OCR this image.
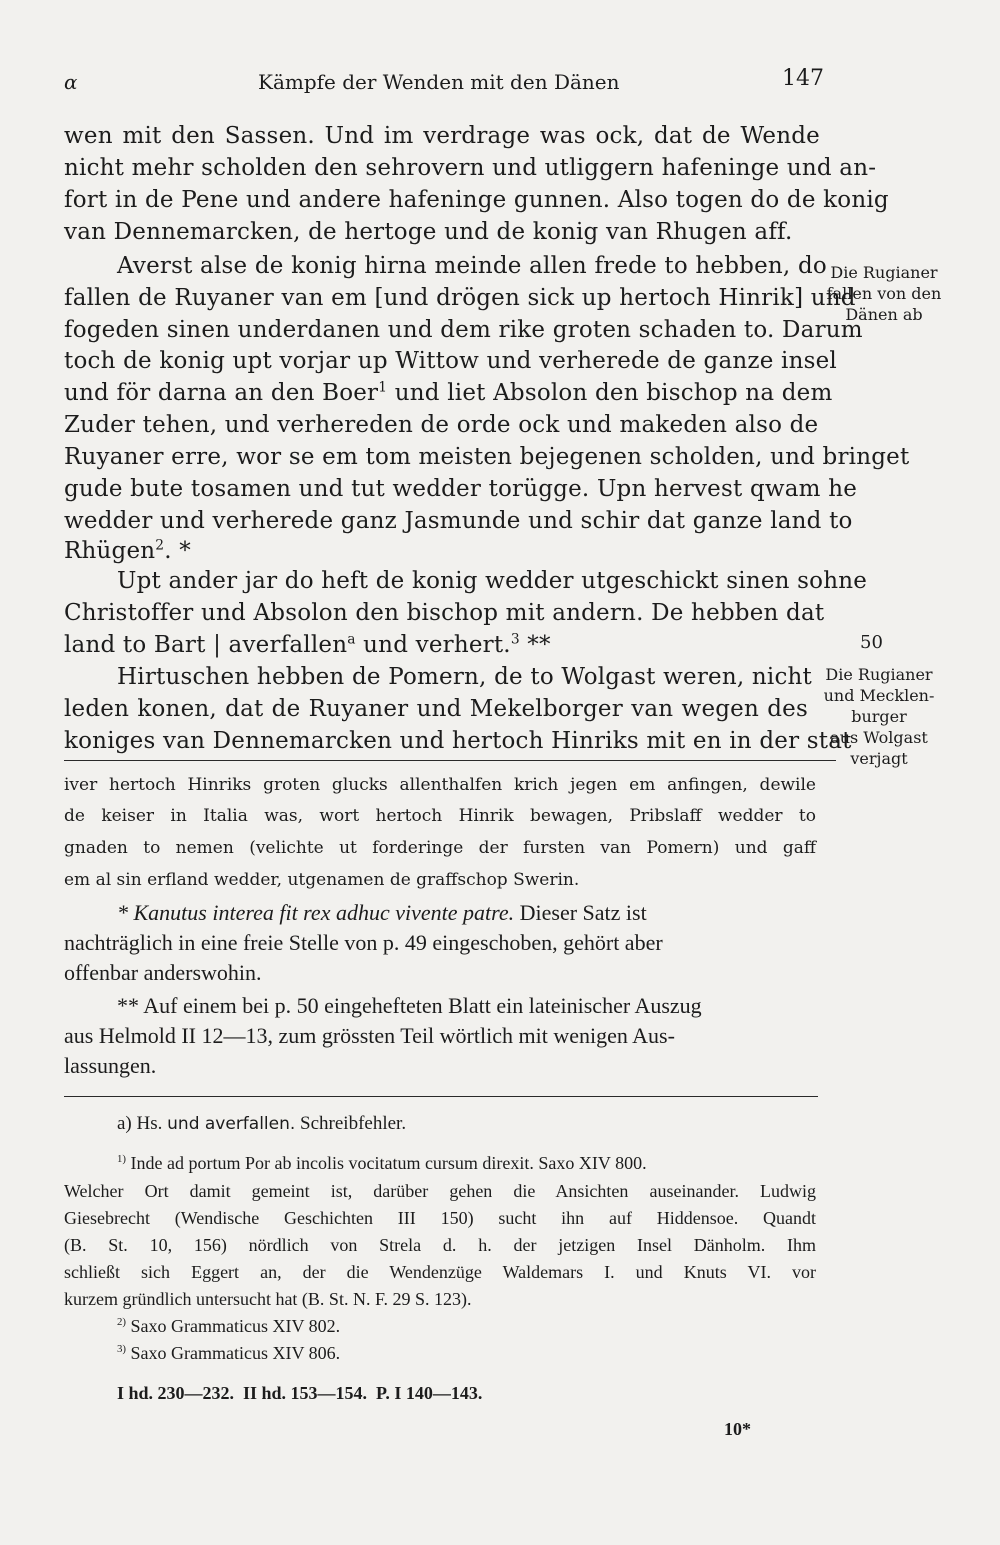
α	Kämpfe der Wenden mit den Dänen	147
wen mit den Sassen. Und im verdrage was ock, dat de Wende
nicht mehr scholden den sehrovern und utliggern hafeninge und an-
fort in de Pene und andere hafeninge gunnen. Also togen do de konig
van Dennemarcken, de hertoge und de konig van Rhugen aff.
Averst alse de konig hirna meinde allen frede to hebben, do
fallen de Ruyaner van em [und drögen sick up hertoch Hinrik] und
fogeden sinen underdanen und dem rike groten schaden to. Darum
toch de konig upt vorjar up Wittow und verherede de ganze insel
und för darna an den Boer$^1$ und liet Absolon den bischop na dem
Zuder tehen, und verhereden de orde ock und makeden also de
Ruyaner erre, wor se em tom meisten bejegenen scholden, und bringet
gude bute tosamen und tut wedder torügge. Upn hervest qwam he
wedder und verherede ganz Jasmunde und schir dat ganze land to
Rhügen$^2$. *
Upt ander jar do heft de konig wedder utgeschickt sinen sohne
Christoffer und Absolon den bischop mit andern. De hebben dat
land to Bart | averfallen$^a$ und verhert.$^3$ **
Hirtuschen hebben de Pomern, de to Wolgast weren, nicht
leden konen, dat de Ruyaner und Mekelborger van wegen des
koniges van Dennemarcken und hertoch Hinriks mit en in der stat
Die Rugianer
fallen von den
Dänen ab
50
Die Rugianer
und Mecklen-
burger
aus Wolgast
verjagt
iver hertoch Hinriks groten glucks allenthalfen krich jegen em anfingen, dewile
de keiser in Italia was, wort hertoch Hinrik bewagen, Pribslaff wedder to
gnaden to nemen (velichte ut forderinge der fursten van Pomern) und gaff
em al sin erfland wedder, utgenamen de graffschop Swerin.
* Kanutus interea fit rex adhuc vivente patre. Dieser Satz ist
nachträglich in eine freie Stelle von p. 49 eingeschoben, gehört aber
offenbar anderswohin.
** Auf einem bei p. 50 eingehefteten Blatt ein lateinischer Auszug
aus Helmold II 12—13, zum grössten Teil wörtlich mit wenigen Aus-
lassungen.
a) Hs. und averfallen. Schreibfehler.
$^{1)}$ Inde ad portum Por ab incolis vocitatum cursum direxit. Saxo XIV 800.
Welcher Ort damit gemeint ist, darüber gehen die Ansichten auseinander. Ludwig
Giesebrecht (Wendische Geschichten III 150) sucht ihn auf Hiddensoe. Quandt
(B. St. 10, 156) nördlich von Strela d. h. der jetzigen Insel Dänholm. Ihm
schließt sich Eggert an, der die Wendenzüge Waldemars I. und Knuts VI. vor
kurzem gründlich untersucht hat (B. St. N. F. 29 S. 123).
$^{2)}$ Saxo Grammaticus XIV 802.
$^{3)}$ Saxo Grammaticus XIV 806.
I hd. 230—232.  II hd. 153—154.  P. I 140—143.
10*
